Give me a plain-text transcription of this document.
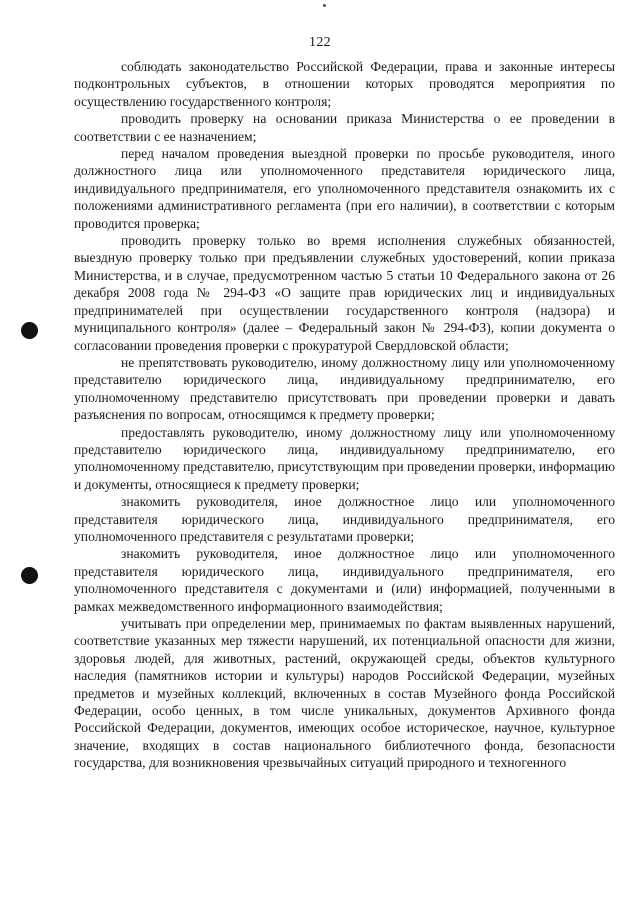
122

соблюдать законодательство Российской Федерации, права и законные интересы подконтрольных субъектов, в отношении которых проводятся мероприятия по осуществлению государственного контроля;

проводить проверку на основании приказа Министерства о ее проведении в соответствии с ее назначением;

перед началом проведения выездной проверки по просьбе руководителя, иного должностного лица или уполномоченного представителя юридического лица, индивидуального предпринимателя, его уполномоченного представителя ознакомить их с положениями административного регламента (при его наличии), в соответствии с которым проводится проверка;

проводить проверку только во время исполнения служебных обязанностей, выездную проверку только при предъявлении служебных удостоверений, копии приказа Министерства, и в случае, предусмотренном частью 5 статьи 10 Федерального закона от 26 декабря 2008 года № 294-ФЗ «О защите прав юридических лиц и индивидуальных предпринимателей при осуществлении государственного контроля (надзора) и муниципального контроля» (далее – Федеральный закон № 294-ФЗ), копии документа о согласовании проведения проверки с прокуратурой Свердловской области;

не препятствовать руководителю, иному должностному лицу или уполномоченному представителю юридического лица, индивидуальному предпринимателю, его уполномоченному представителю присутствовать при проведении проверки и давать разъяснения по вопросам, относящимся к предмету проверки;

предоставлять руководителю, иному должностному лицу или уполномоченному представителю юридического лица, индивидуальному предпринимателю, его уполномоченному представителю, присутствующим при проведении проверки, информацию и документы, относящиеся к предмету проверки;

знакомить руководителя, иное должностное лицо или уполномоченного представителя юридического лица, индивидуального предпринимателя, его уполномоченного представителя с результатами проверки;

знакомить руководителя, иное должностное лицо или уполномоченного представителя юридического лица, индивидуального предпринимателя, его уполномоченного представителя с документами и (или) информацией, полученными в рамках межведомственного информационного взаимодействия;

учитывать при определении мер, принимаемых по фактам выявленных нарушений, соответствие указанных мер тяжести нарушений, их потенциальной опасности для жизни, здоровья людей, для животных, растений, окружающей среды, объектов культурного наследия (памятников истории и культуры) народов Российской Федерации, музейных предметов и музейных коллекций, включенных в состав Музейного фонда Российской Федерации, особо ценных, в том числе уникальных, документов Архивного фонда Российской Федерации, документов, имеющих особое историческое, научное, культурное значение, входящих в состав национального библиотечного фонда, безопасности государства, для возникновения чрезвычайных ситуаций природного и техногенного
